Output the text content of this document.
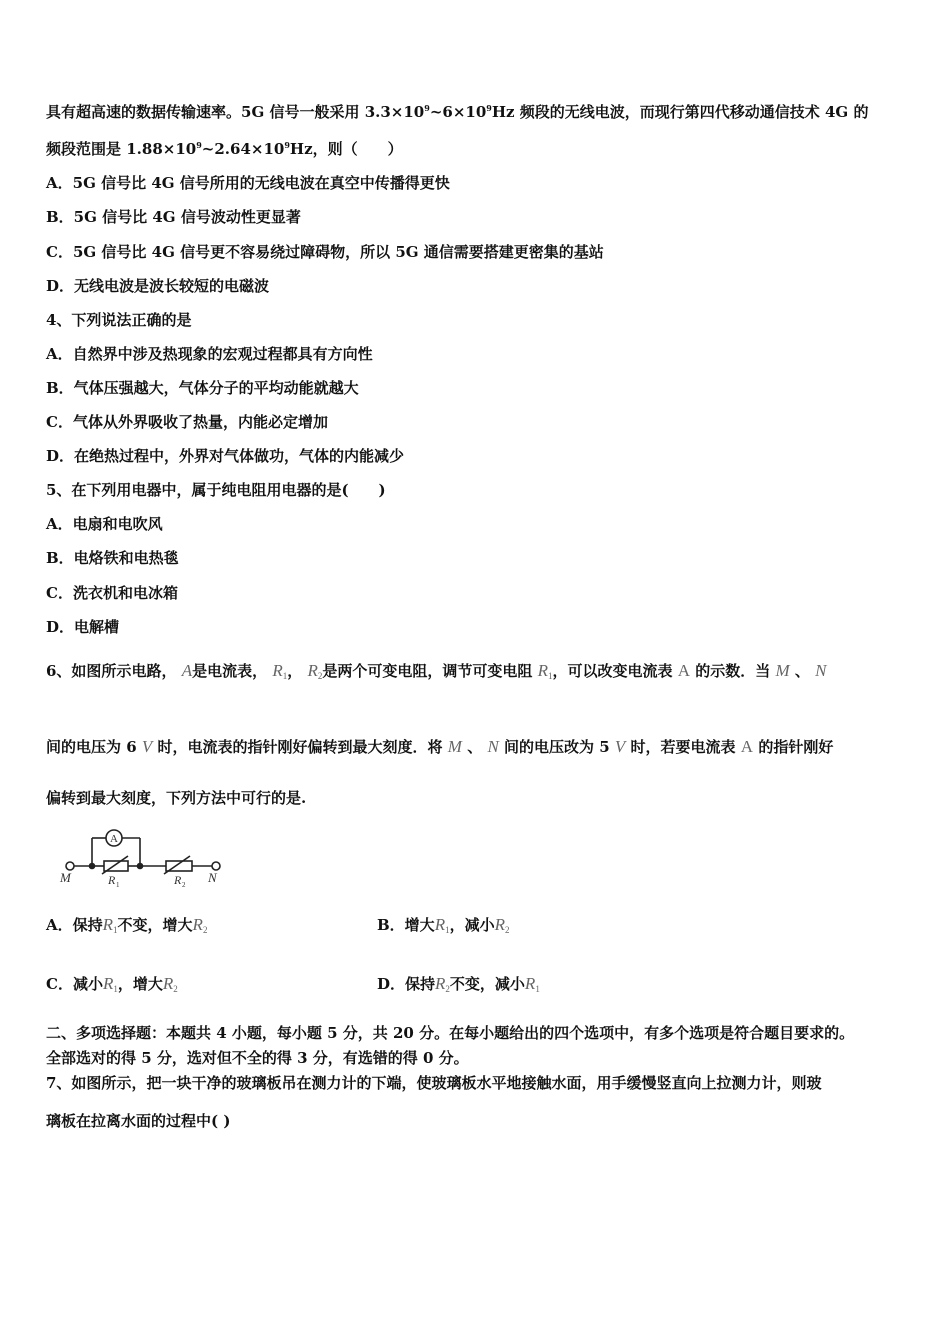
具有超高速的数据传输速率。5G 信号一般采用 $3.3\times 10^9\sim 6\times 10^9Hz$ 频段的无线电波，而现行第四代移动通信技术 4G 的
频段范围是 $1.88\times 10^9\sim 2.64\times 10^9Hz$，则（　　）
A．5G 信号比 4G 信号所用的无线电波在真空中传播得更快
B．5G 信号比 4G 信号波动性更显著
C．5G 信号比 4G 信号更不容易绕过障碍物，所以 5G 通信需要搭建更密集的基站
D．无线电波是波长较短的电磁波
4、下列说法正确的是
A．自然界中涉及热现象的宏观过程都具有方向性
B．气体压强越大，气体分子的平均动能就越大
C．气体从外界吸收了热量，内能必定增加
D．在绝热过程中，外界对气体做功，气体的内能减少
5、在下列用电器中，属于纯电阻用电器的是(　　)
A．电扇和电吹风
B．电烙铁和电热毯
C．洗衣机和电冰箱
D．电解槽
6、如图所示电路， A是电流表， $R_1$， $R_2$是两个可变电阻，调节可变电阻 $R_1$，可以改变电流表 A 的示数．当 M 、 N
间的电压为 6 V 时，电流表的指针刚好偏转到最大刻度．将 M 、 N 间的电压改为 5 V 时，若要电流表 A 的指针刚好
偏转到最大刻度，下列方法中可行的是.
A
M	N
R 1	R 2
A．保持$R_1$不变，增大$R_2$	B．增大$R_1$，减小$R_2$
C．减小$R_1$，增大$R_2$	D．保持$R_2$不变，减小$R_1$
二、多项选择题：本题共 4 小题，每小题 5 分，共 20 分。在每小题给出的四个选项中，有多个选项是符合题目要求的。
全部选对的得 5 分，选对但不全的得 3 分，有选错的得 0 分。
7、如图所示，把一块干净的玻璃板吊在测力计的下端，使玻璃板水平地接触水面，用手缓慢竖直向上拉测力计，则玻
璃板在拉离水面的过程中( )
